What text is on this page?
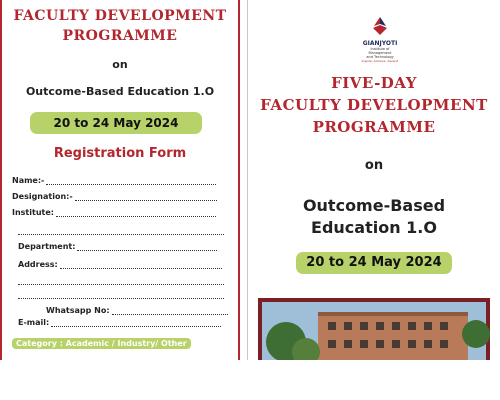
FACULTY DEVELOPMENT
PROGRAMME
on
Outcome-Based Education 1.O
20 to 24 May 2024
Registration Form
Name:-
Designation:-
Institute:
Department:
Address:
Whatsapp No:
E-mail:
Category : Academic / Industry/ Other
GIANJYOTI
Institute of Management
and Technology
Inspire. Achieve. Ascend
FIVE-DAY
FACULTY DEVELOPMENT
PROGRAMME
on
Outcome-Based
Education 1.O
20 to 24 May 2024
